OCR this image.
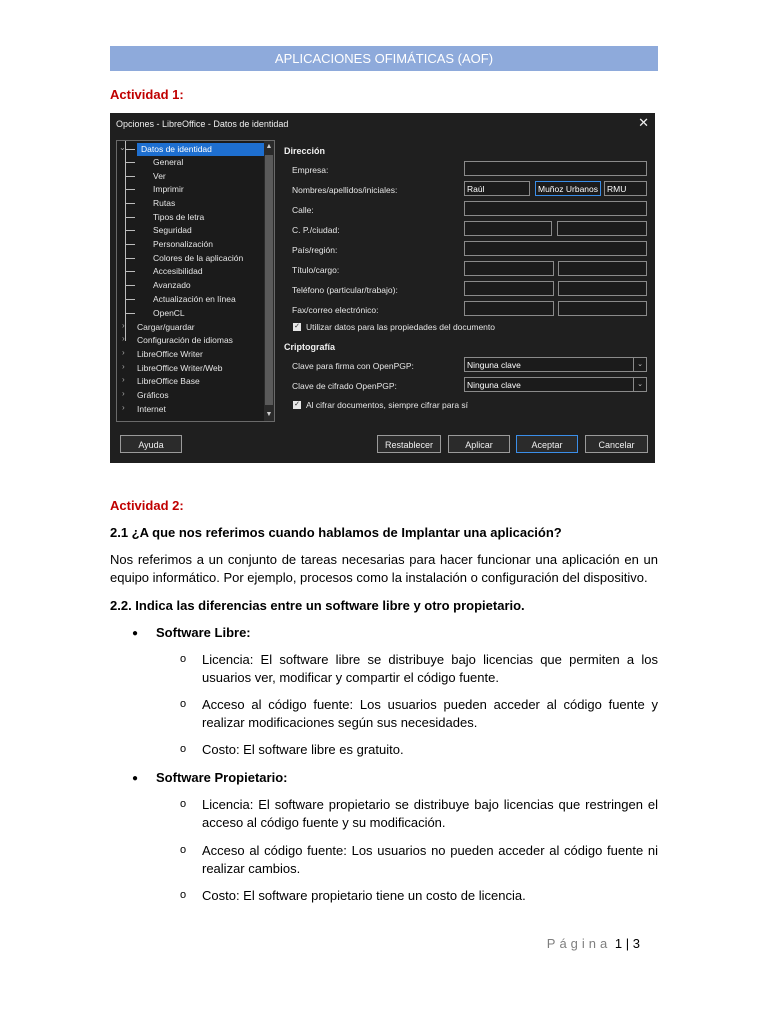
APLICACIONES OFIMÁTICAS (AOF)
Actividad 1:
Opciones - LibreOffice - Datos de identidad	✕
⌄	Datos de identidad
General
Ver
Imprimir
Rutas
Tipos de letra
Seguridad
Personalización
Colores de la aplicación
Accesibilidad
Avanzado
Actualización en línea
OpenCL
› Cargar/guardar
› Configuración de idiomas
› LibreOffice Writer
› LibreOffice Writer/Web
› LibreOffice Base
› Gráficos
› Internet
▲
▼
Dirección
Empresa:
Nombres/apellidos/iniciales:	Raúl	Muñoz Urbanos	RMU
Calle:
C. P./ciudad:
País/región:
Título/cargo:
Teléfono (particular/trabajo):
Fax/correo electrónico:
✓ Utilizar datos para las propiedades del documento
Criptografía
Clave para firma con OpenPGP:	Ninguna clave	⌄
Clave de cifrado OpenPGP:	Ninguna clave	⌄
✓ Al cifrar documentos, siempre cifrar para sí
Ayuda	Restablecer	Aplicar	Aceptar	Cancelar
Actividad 2:
2.1 ¿A que nos referimos cuando hablamos de Implantar una aplicación?
Nos referimos a un conjunto de tareas necesarias para hacer funcionar una aplicación en un equipo informático. Por ejemplo, procesos como la instalación o configuración del dispositivo.
2.2. Indica las diferencias entre un software libre y otro propietario.
● Software Libre:
o Licencia: El software libre se distribuye bajo licencias que permiten a los usuarios ver, modificar y compartir el código fuente.
o Acceso al código fuente: Los usuarios pueden acceder al código fuente y realizar modificaciones según sus necesidades.
o Costo: El software libre es gratuito.
● Software Propietario:
o Licencia: El software propietario se distribuye bajo licencias que restringen el acceso al código fuente y su modificación.
o Acceso al código fuente: Los usuarios no pueden acceder al código fuente ni realizar cambios.
o Costo: El software propietario tiene un costo de licencia.
Página 1 | 3
